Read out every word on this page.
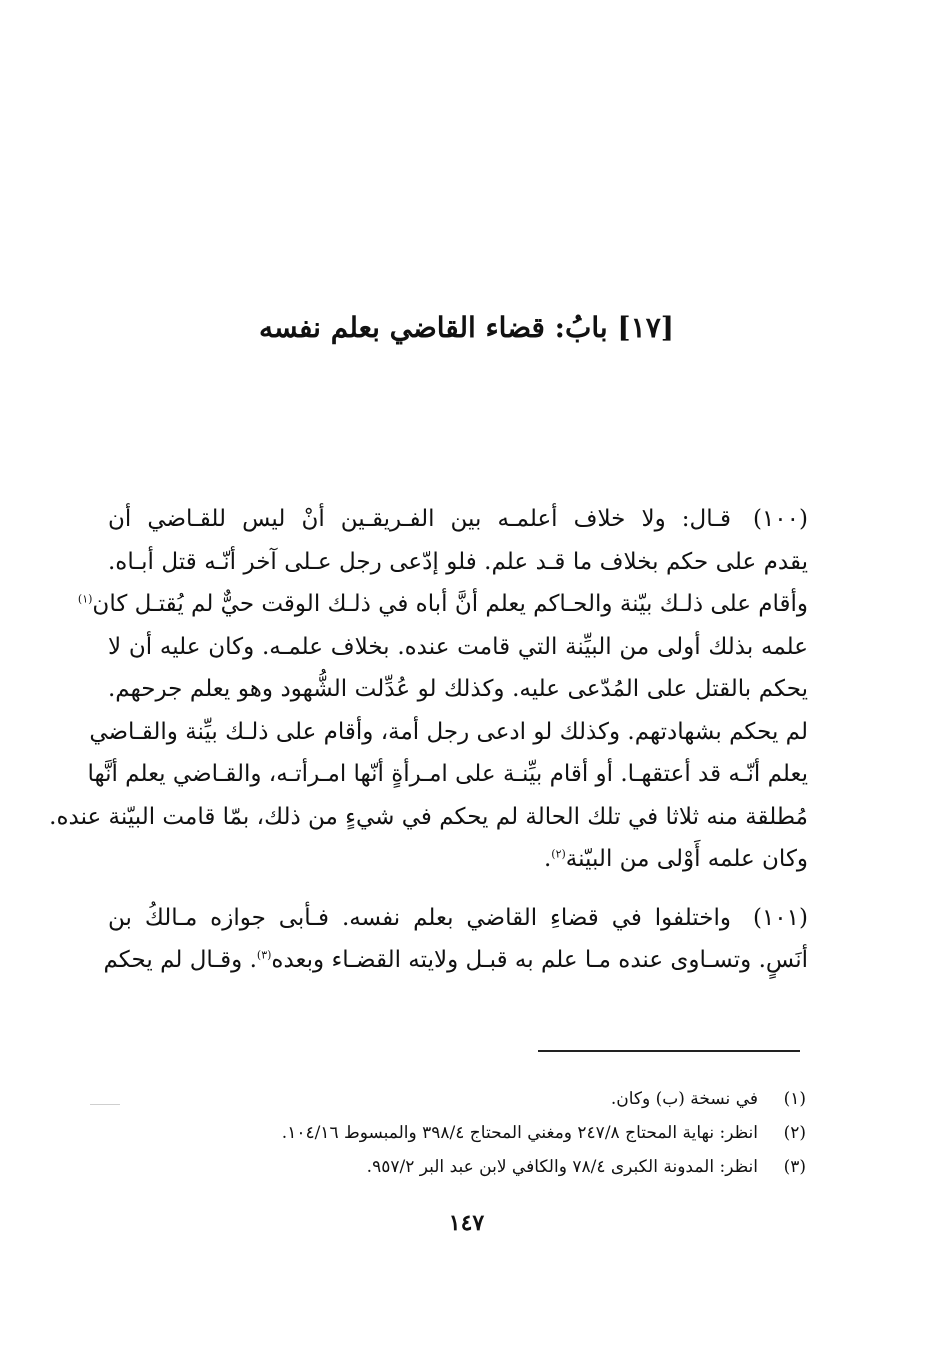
[١٧] بابُ: قضاء القاضي بعلم نفسه
(١٠٠)قـال: ولا خلاف أعلمـه بين الفـريقـين أنْ ليس للقـاضي أن
يقدم على حكم بخلاف ما قـد علم. فلو إدّعى رجل عـلى آخر أنّـه قتل أبـاه.
وأقام على ذلـك بيّنة والحـاكم يعلم أنَّ أباه في ذلـك الوقت حيٌّ لم يُقتـل كان$^{(١)}$
علمه بذلك أولى من البيِّنة التي قامت عنده. بخلاف علمـه. وكان عليه أن لا
يحكم بالقتل على المُدّعى عليه. وكذلك لو عُدِّلت الشُّهود وهو يعلم جرحهم.
لم يحكم بشهادتهم. وكذلك لو ادعى رجل أمة، وأقام على ذلـك بيِّنة والقـاضي
يعلم أنّـه قد أعتقهـا. أو أقام بيِّنـة على امـرأةٍ أنّها امـرأتـه، والقـاضي يعلم أنَّها
مُطلقة منه ثلاثا في تلك الحالة لم يحكم في شيءٍ من ذلك، بمّا قامت البيّنة عنده.
وكان علمه أَوْلى من البيّنة$^{(٢)}$.
(١٠١)واختلفوا في قضاءِ القاضي بعلم نفسه. فـأبى جوازه مـالكُ بن
أنَسٍ. وتسـاوى عنده مـا علم به قبـل ولايته القضـاء وبعده$^{(٣)}$. وقـال لم يحكم
(١)في نسخة (ب) وكان.
(٢)انظر: نهاية المحتاج ٢٤٧/٨ ومغني المحتاج ٣٩٨/٤ والمبسوط ١٠٤/١٦.
(٣)انظر: المدونة الكبرى ٧٨/٤ والكافي لابن عبد البر ٩٥٧/٢.
١٤٧
